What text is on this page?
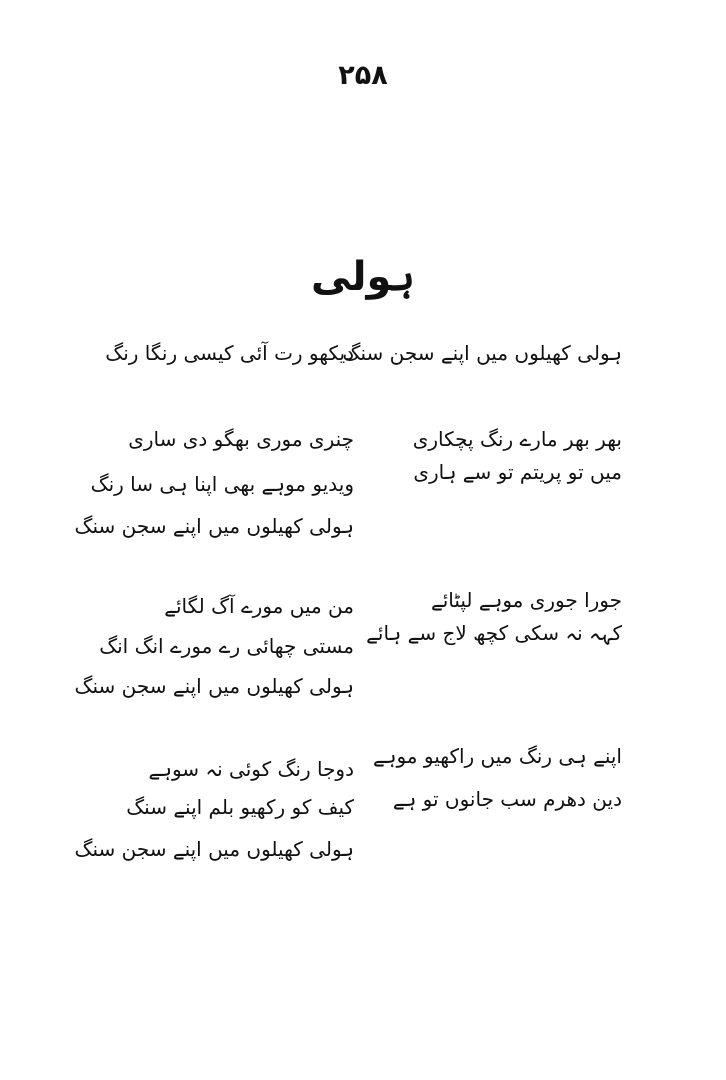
۲۵۸
ہولی
ہولی کھیلوں میں اپنے سجن سنگ
دیکھو رت آئی کیسی رنگا رنگ
بھر بھر مارے رنگ پچکاری
میں تو پریتم تو سے ہاری
چنری موری بھگو دی ساری
ویدیو موہے بھی اپنا ہی سا رنگ
ہولی کھیلوں میں اپنے سجن سنگ
جورا جوری موہے لپٹائے
کہہ نہ سکی کچھ لاج سے ہائے
من میں مورے آگ لگائے
مستی چھائی رے مورے انگ انگ
ہولی کھیلوں میں اپنے سجن سنگ
اپنے ہی رنگ میں راکھیو موہے
دین دھرم سب جانوں تو ہے
دوجا رنگ کوئی نہ سوہے
کیف کو رکھیو بلم اپنے سنگ
ہولی کھیلوں میں اپنے سجن سنگ
